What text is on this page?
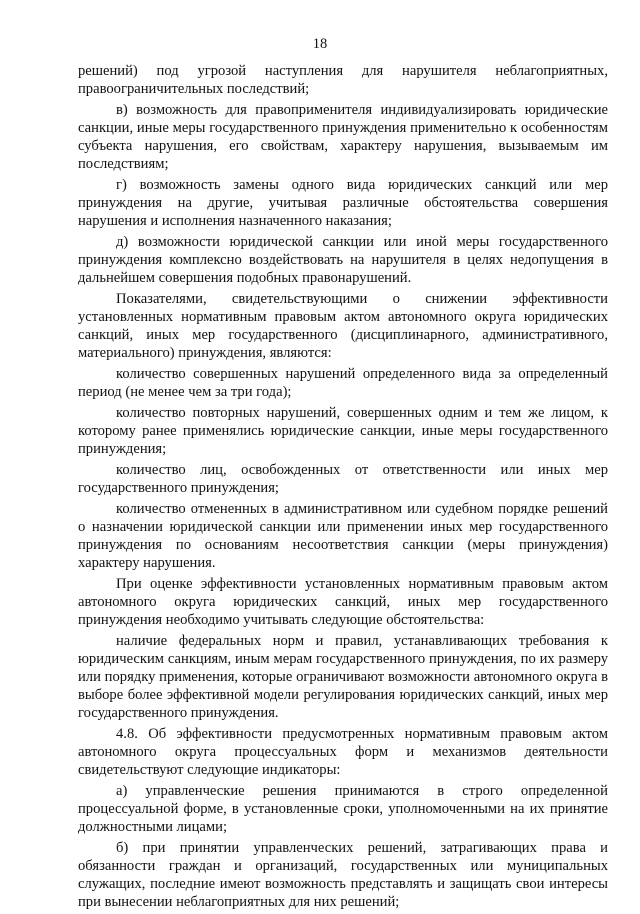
18

решений) под угрозой наступления для нарушителя неблагоприятных, правоограничительных последствий;

в) возможность для правоприменителя индивидуализировать юридические санкции, иные меры государственного принуждения применительно к особенностям субъекта нарушения, его свойствам, характеру нарушения, вызываемым им последствиям;

г) возможность замены одного вида юридических санкций или мер принуждения на другие, учитывая различные обстоятельства совершения нарушения и исполнения назначенного наказания;

д) возможности юридической санкции или иной меры государственного принуждения комплексно воздействовать на нарушителя в целях недопущения в дальнейшем совершения подобных правонарушений.

Показателями, свидетельствующими о снижении эффективности установленных нормативным правовым актом автономного округа юридических санкций, иных мер государственного (дисциплинарного, административного, материального) принуждения, являются:

количество совершенных нарушений определенного вида за определенный период (не менее чем за три года);

количество повторных нарушений, совершенных одним и тем же лицом, к которому ранее применялись юридические санкции, иные меры государственного принуждения;

количество лиц, освобожденных от ответственности или иных мер государственного принуждения;

количество отмененных в административном или судебном порядке решений о назначении юридической санкции или применении иных мер государственного принуждения по основаниям несоответствия санкции (меры принуждения) характеру нарушения.

При оценке эффективности установленных нормативным правовым актом автономного округа юридических санкций, иных мер государственного принуждения необходимо учитывать следующие обстоятельства:

наличие федеральных норм и правил, устанавливающих требования к юридическим санкциям, иным мерам государственного принуждения, по их размеру или порядку применения, которые ограничивают возможности автономного округа в выборе более эффективной модели регулирования юридических санкций, иных мер государственного принуждения.

4.8. Об эффективности предусмотренных нормативным правовым актом автономного округа процессуальных форм и механизмов деятельности свидетельствуют следующие индикаторы:

а) управленческие решения принимаются в строго определенной процессуальной форме, в установленные сроки, уполномоченными на их принятие должностными лицами;

б) при принятии управленческих решений, затрагивающих права и обязанности граждан и организаций, государственных или муниципальных служащих, последние имеют возможность представлять и защищать свои интересы при вынесении неблагоприятных для них решений;
